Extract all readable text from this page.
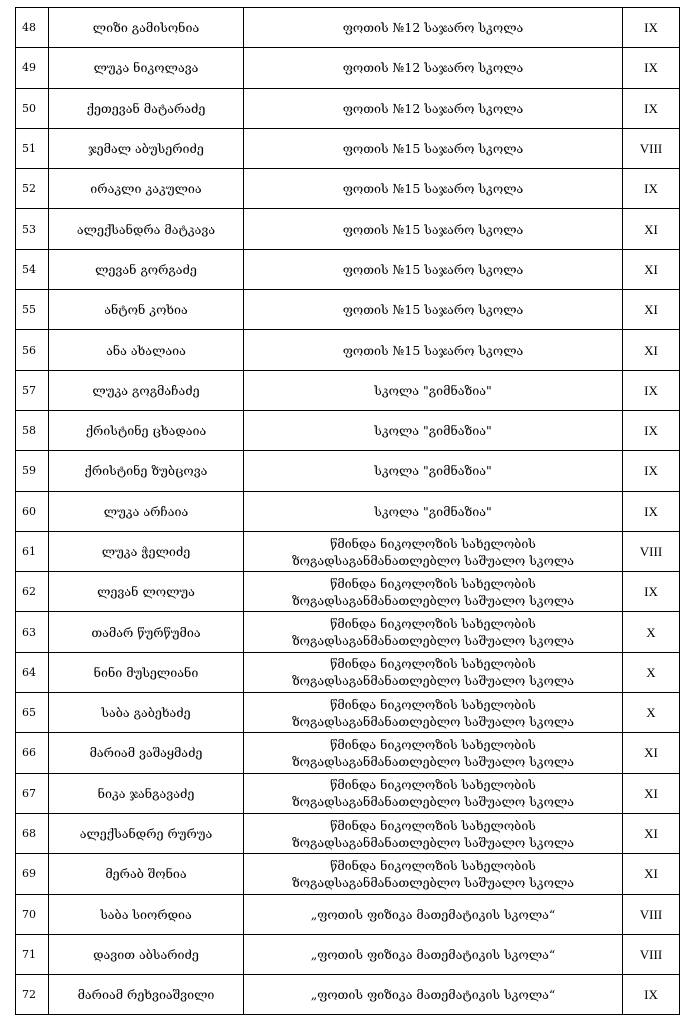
48	ლიზი გამისონია	ფოთის №12 საჯარო სკოლა	IX
49	ლუკა ნიკოლავა	ფოთის №12 საჯარო სკოლა	IX
50	ქეთევან მატარაძე	ფოთის №12 საჯარო სკოლა	IX
51	ჯემალ აბუსერიძე	ფოთის №15 საჯარო სკოლა	VIII
52	ირაკლი კაკულია	ფოთის №15 საჯარო სკოლა	IX
53	ალექსანდრა მატკავა	ფოთის №15 საჯარო სკოლა	XI
54	ლევან გორგაძე	ფოთის №15 საჯარო სკოლა	XI
55	ანტონ კოხია	ფოთის №15 საჯარო სკოლა	XI
56	ანა ახალაია	ფოთის №15 საჯარო სკოლა	XI
57	ლუკა გოგმაჩაძე	სკოლა "გიმნაზია"	IX
58	ქრისტინე ცხადაია	სკოლა "გიმნაზია"	IX
59	ქრისტინე ზუბცოვა	სკოლა "გიმნაზია"	IX
60	ლუკა არჩაია	სკოლა "გიმნაზია"	IX
61	ლუკა ჭელიძე	წმინდა ნიკოლოზის სახელობის
ზოგადსაგანმანათლებლო საშუალო სკოლა	VIII
62	ლევან ლოლუა	წმინდა ნიკოლოზის სახელობის
ზოგადსაგანმანათლებლო საშუალო სკოლა	IX
63	თამარ წურწუმია	წმინდა ნიკოლოზის სახელობის
ზოგადსაგანმანათლებლო საშუალო სკოლა	X
64	ნინი მუსელიანი	წმინდა ნიკოლოზის სახელობის
ზოგადსაგანმანათლებლო საშუალო სკოლა	X
65	საბა გაბეხაძე	წმინდა ნიკოლოზის სახელობის
ზოგადსაგანმანათლებლო საშუალო სკოლა	X
66	მარიამ ვაშაყმაძე	წმინდა ნიკოლოზის სახელობის
ზოგადსაგანმანათლებლო საშუალო სკოლა	XI
67	ნიკა ჯანგავაძე	წმინდა ნიკოლოზის სახელობის
ზოგადსაგანმანათლებლო საშუალო სკოლა	XI
68	ალექსანდრე რურუა	წმინდა ნიკოლოზის სახელობის
ზოგადსაგანმანათლებლო საშუალო სკოლა	XI
69	მერაბ შონია	წმინდა ნიკოლოზის სახელობის
ზოგადსაგანმანათლებლო საშუალო სკოლა	XI
70	საბა სიორდია	„ფოთის ფიზიკა მათემატიკის სკოლა“	VIII
71	დავით აბსარიძე	„ფოთის ფიზიკა მათემატიკის სკოლა“	VIII
72	მარიამ რეხვიაშვილი	„ფოთის ფიზიკა მათემატიკის სკოლა“	IX
